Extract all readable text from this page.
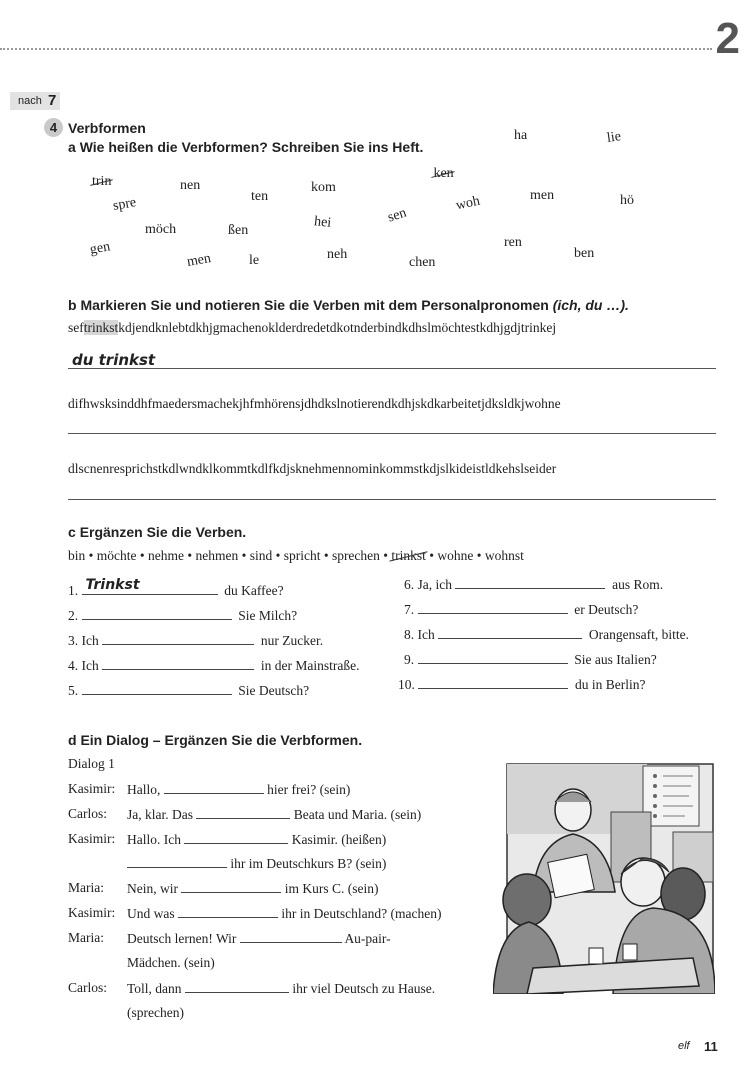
2
nach 7
4 Verbformen
a Wie heißen die Verbformen? Schreiben Sie ins Heft.
trin	nen	kom
ken
ha	lie
spre	ten	woh	men	hö
möch	ßen	hei	sen
gen
men	le	neh
chen
ren
ben
b Markieren Sie und notieren Sie die Verben mit dem Personalpronomen (ich, du …).
seftrinkstkdjendknlebtdkhjgmachenoklderdredetdkotnderbindkdhslmöchtestkdhjgdjtrinkej
du trinkst
difhwsksinddhfmaedersmachekjhfmhörensjdhdkslnotierendkdhjskdkarbeitetjdksldkjwohne
dlscnenresprichstkdlwndklkommtkdlfkdjsknehmennominkommstkdjslkideistldkehslseider
c Ergänzen Sie die Verben.
bin • möchte • nehme • nehmen • sind • spricht • sprechen • trinkst • wohne • wohnst
1. Trinkst	du Kaffee?
2.	Sie Milch?
3. Ich	nur Zucker.
4. Ich	in der Mainstraße.
5.	Sie Deutsch?
6. Ja, ich	aus Rom.
7.	er Deutsch?
8. Ich	Orangensaft, bitte.
9.	Sie aus Italien?
10.	du in Berlin?
d Ein Dialog – Ergänzen Sie die Verbformen.
Dialog 1
Kasimir: Hallo,	hier frei? (sein)
Carlos: Ja, klar. Das	Beata und Maria. (sein)
Kasimir: Hallo. Ich	Kasimir. (heißen)
ihr im Deutschkurs B? (sein)
Maria: Nein, wir	im Kurs C. (sein)
Kasimir: Und was	ihr in Deutschland? (machen)
Maria: Deutsch lernen! Wir	Au-pair-
Mädchen. (sein)
Carlos: Toll, dann	ihr viel Deutsch zu Hause.
(sprechen)
elf 11
